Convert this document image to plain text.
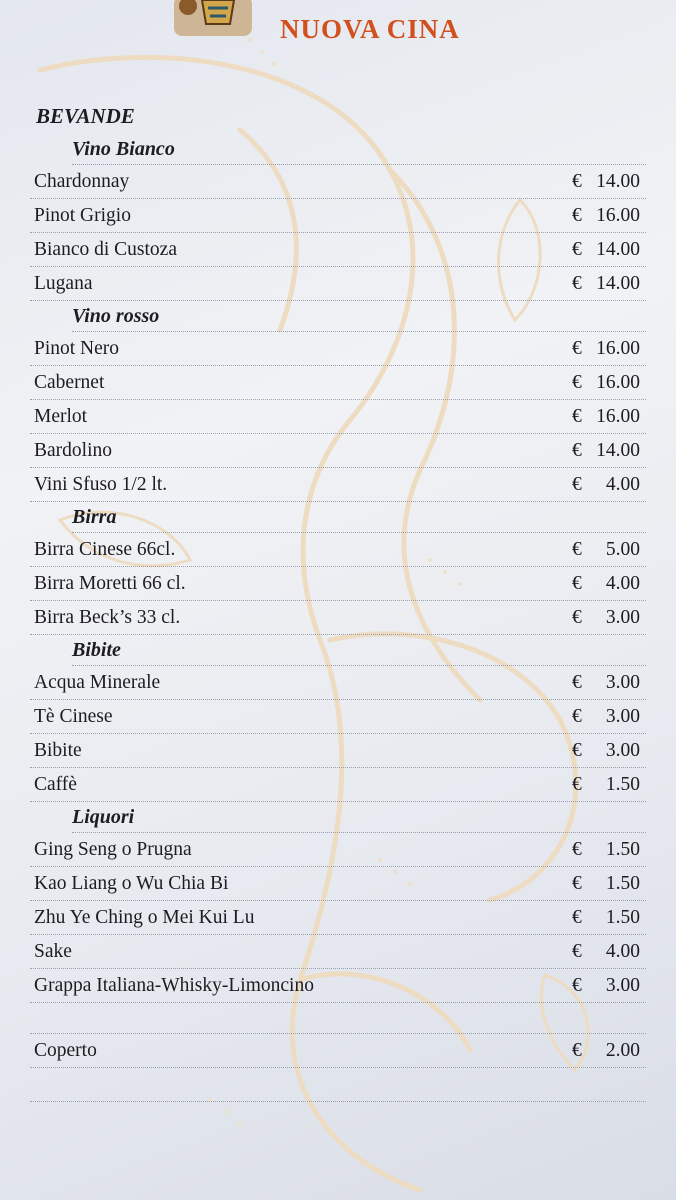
NUOVA CINA
BEVANDE
Vino Bianco
Chardonnay	€ 14.00
Pinot Grigio	€ 16.00
Bianco di Custoza	€ 14.00
Lugana	€ 14.00
Vino rosso
Pinot Nero	€ 16.00
Cabernet	€ 16.00
Merlot	€ 16.00
Bardolino	€ 14.00
Vini Sfuso 1/2 lt.	€ 4.00
Birra
Birra Cinese 66cl.	€ 5.00
Birra Moretti 66 cl.	€ 4.00
Birra Beck’s 33 cl.	€ 3.00
Bibite
Acqua Minerale	€ 3.00
Tè Cinese	€ 3.00
Bibite	€ 3.00
Caffè	€ 1.50
Liquori
Ging Seng o Prugna	€ 1.50
Kao Liang o Wu Chia Bi	€ 1.50
Zhu Ye Ching o Mei Kui Lu	€ 1.50
Sake	€ 4.00
Grappa Italiana-Whisky-Limoncino	€ 3.00
Coperto	€ 2.00
